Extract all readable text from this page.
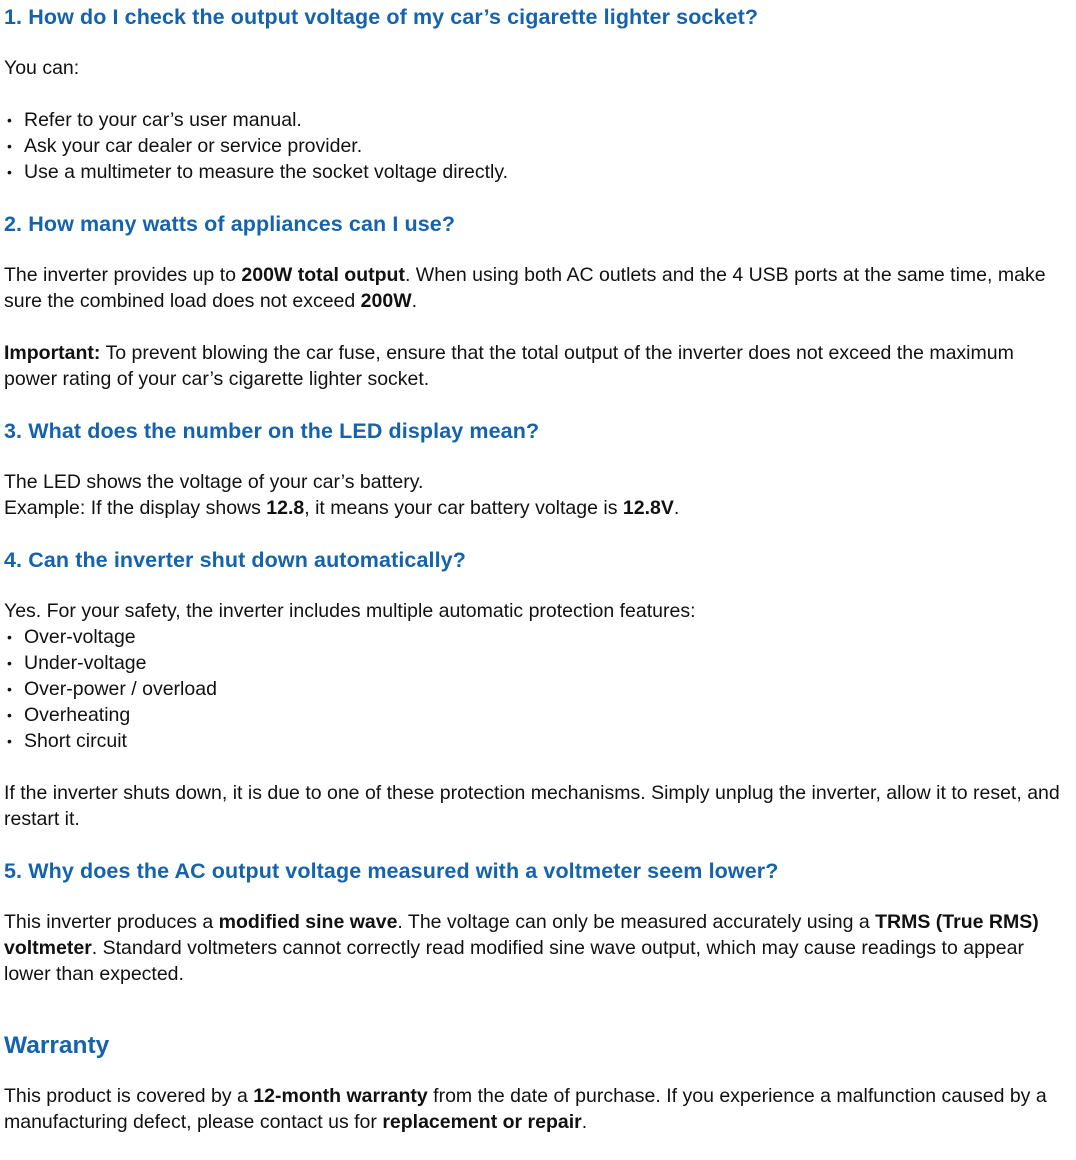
1. How do I check the output voltage of my car’s cigarette lighter socket?

You can:

• Refer to your car’s user manual.
• Ask your car dealer or service provider.
• Use a multimeter to measure the socket voltage directly.
2. How many watts of appliances can I use?

The inverter provides up to 200W total output. When using both AC outlets and the 4 USB ports at the same time, make sure the combined load does not exceed 200W.

Important: To prevent blowing the car fuse, ensure that the total output of the inverter does not exceed the maximum power rating of your car’s cigarette lighter socket.

3. What does the number on the LED display mean?

The LED shows the voltage of your car’s battery.

Example: If the display shows 12.8, it means your car battery voltage is 12.8V.

4. Can the inverter shut down automatically?

Yes. For your safety, the inverter includes multiple automatic protection features:

• Over-voltage
• Under-voltage
• Over-power / overload
• Overheating
• Short circuit

If the inverter shuts down, it is due to one of these protection mechanisms. Simply unplug the inverter, allow it to reset, and restart it.

5. Why does the AC output voltage measured with a voltmeter seem lower?

This inverter produces a modified sine wave. The voltage can only be measured accurately using a TRMS (True RMS) voltmeter. Standard voltmeters cannot correctly read modified sine wave output, which may cause readings to appear lower than expected.

Warranty

This product is covered by a 12-month warranty from the date of purchase. If you experience a malfunction caused by a manufacturing defect, please contact us for replacement or repair.
